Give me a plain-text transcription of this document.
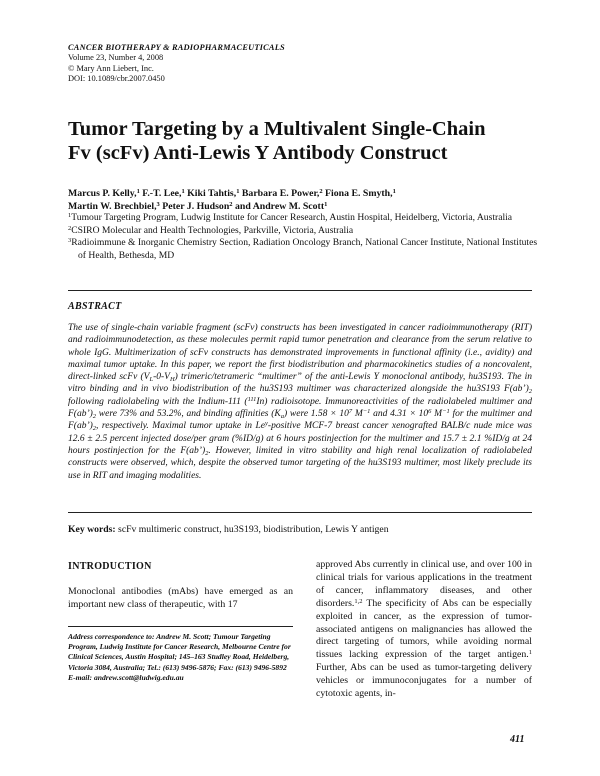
CANCER BIOTHERAPY & RADIOPHARMACEUTICALS
Volume 23, Number 4, 2008
© Mary Ann Liebert, Inc.
DOI: 10.1089/cbr.2007.0450
Tumor Targeting by a Multivalent Single-Chain
Fv (scFv) Anti-Lewis Y Antibody Construct
Marcus P. Kelly,$^1$ F.-T. Lee,$^1$ Kiki Tahtis,$^1$ Barbara E. Power,$^2$ Fiona E. Smyth,$^1$
Martin W. Brechbiel,$^3$ Peter J. Hudson$^2$ and Andrew M. Scott$^1$
$^1$Tumour Targeting Program, Ludwig Institute for Cancer Research, Austin Hospital, Heidelberg, Victoria, Australia
$^2$CSIRO Molecular and Health Technologies, Parkville, Victoria, Australia
$^3$Radioimmune & Inorganic Chemistry Section, Radiation Oncology Branch, National Cancer Institute, National Institutes of Health, Bethesda, MD
ABSTRACT
The use of single-chain variable fragment (scFv) constructs has been investigated in cancer radioimmunotherapy (RIT) and radioimmunodetection, as these molecules permit rapid tumor penetration and clearance from the serum relative to whole IgG. Multimerization of scFv constructs has demonstrated improvements in functional affinity (i.e., avidity) and maximal tumor uptake. In this paper, we report the first biodistribution and pharmacokinetics studies of a noncovalent, direct-linked scFv $(V_L-0-V_H)$ trimeric/tetrameric “multimer” of the anti-Lewis Y monoclonal antibody, hu3S193. The in vitro binding and in vivo biodistribution of the hu3S193 multimer was characterized alongside the hu3S193 $F(ab’)_2$ following radiolabeling with the Indium-111 ($^{111}$In) radioisotope. Immunoreactivities of the radiolabeled multimer and $F(ab’)_2$ were 73% and 53.2%, and binding affinities $(K_a)$ were $1.58 \times 10^7$ $M^{-1}$ and $4.31 \times 10^6$ $M^{-1}$ for the multimer and $F(ab’)_2$, respectively. Maximal tumor uptake in Le$^y$-positive MCF-7 breast cancer xenografted BALB/c nude mice was 12.6 ± 2.5 percent injected dose/per gram (%ID/g) at 6 hours postinjection for the multimer and 15.7 ± 2.1 %ID/g at 24 hours postinjection for the $F(ab’)_2$. However, limited in vitro stability and high renal localization of radiolabeled constructs were observed, which, despite the observed tumor targeting of the hu3S193 multimer, most likely preclude its use in RIT and imaging modalities.
Key words: scFv multimeric construct, hu3S193, biodistribution, Lewis Y antigen
INTRODUCTION
Monoclonal antibodies (mAbs) have emerged as an important new class of therapeutic, with 17
approved Abs currently in clinical use, and over 100 in clinical trials for various applications in the treatment of cancer, inflammatory diseases, and other disorders.$^{1,2}$ The specificity of Abs can be especially exploited in cancer, as the expression of tumor-associated antigens on malignancies has allowed the direct targeting of tumors, while avoiding normal tissues lacking expression of the target antigen.$^1$ Further, Abs can be used as tumor-targeting delivery vehicles or immunoconjugates for a number of cytotoxic agents, in-
Address correspondence to: Andrew M. Scott; Tumour Targeting Program, Ludwig Institute for Cancer Research, Melbourne Centre for Clinical Sciences, Austin Hospital; 145–163 Studley Road, Heidelberg, Victoria 3084, Australia; Tel.: (613) 9496-5876; Fax: (613) 9496-5892
E-mail: andrew.scott@ludwig.edu.au
411
